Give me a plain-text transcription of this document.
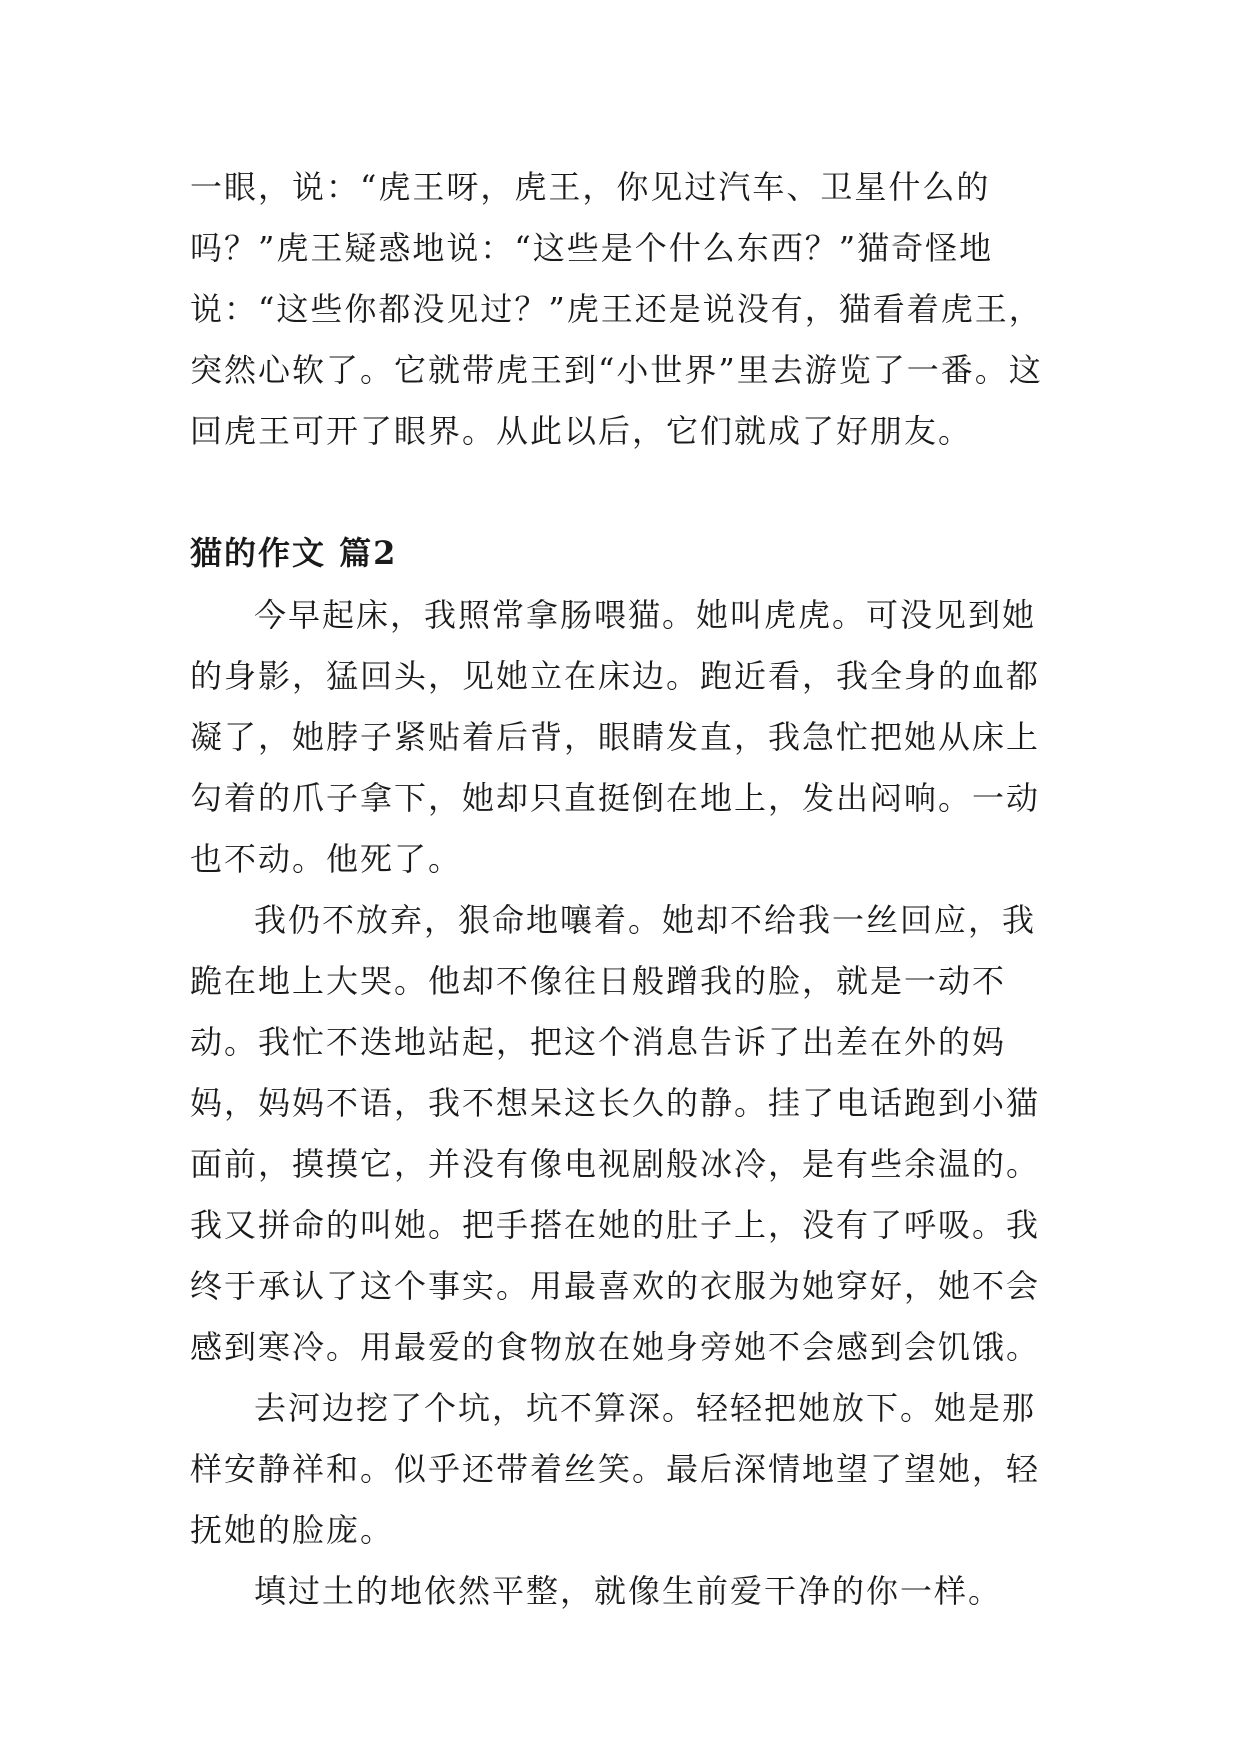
一眼，说：“虎王呀，虎王，你见过汽车、卫星什么的吗？”虎王疑惑地说：“这些是个什么东西？”猫奇怪地说：“这些你都没见过？”虎王还是说没有，猫看着虎王，突然心软了。它就带虎王到“小世界”里去游览了一番。这回虎王可开了眼界。从此以后，它们就成了好朋友。

猫的作文 篇2

今早起床，我照常拿肠喂猫。她叫虎虎。可没见到她的身影，猛回头，见她立在床边。跑近看，我全身的血都凝了，她脖子紧贴着后背，眼睛发直，我急忙把她从床上勾着的爪子拿下，她却只直挺倒在地上，发出闷响。一动也不动。他死了。

我仍不放弃，狠命地嚷着。她却不给我一丝回应，我跪在地上大哭。他却不像往日般蹭我的脸，就是一动不动。我忙不迭地站起，把这个消息告诉了出差在外的妈妈，妈妈不语，我不想呆这长久的静。挂了电话跑到小猫面前，摸摸它，并没有像电视剧般冰冷，是有些余温的。我又拼命的叫她。把手搭在她的肚子上，没有了呼吸。我终于承认了这个事实。用最喜欢的衣服为她穿好，她不会感到寒冷。用最爱的食物放在她身旁她不会感到会饥饿。

去河边挖了个坑，坑不算深。轻轻把她放下。她是那样安静祥和。似乎还带着丝笑。最后深情地望了望她，轻抚她的脸庞。

填过土的地依然平整，就像生前爱干净的你一样。
